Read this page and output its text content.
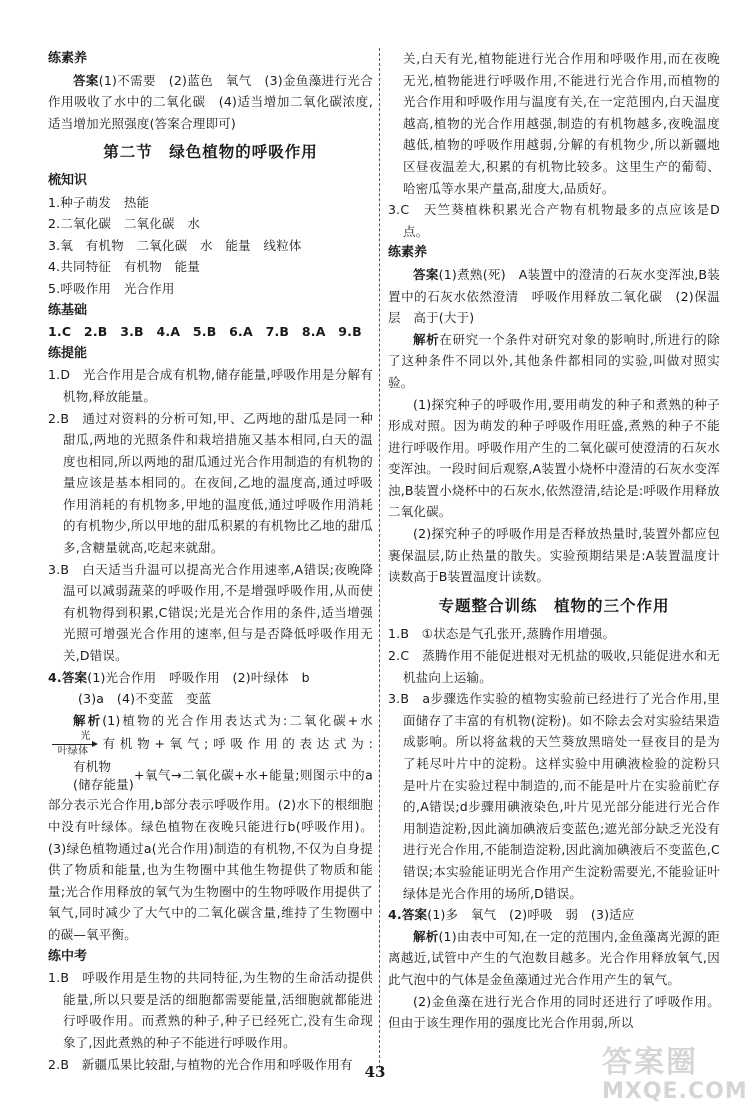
练素养

答案(1)不需要　(2)蓝色　氧气　(3)金鱼藻进行光合作用吸收了水中的二氧化碳　(4)适当增加二氧化碳浓度,适当增加光照强度(答案合理即可)

第二节　绿色植物的呼吸作用

梳知识

1.种子萌发　热能

2.二氧化碳　二氧化碳　水

3.氧　有机物　二氧化碳　水　能量　线粒体

4.共同特征　有机物　能量

5.呼吸作用　光合作用

练基础

1.C　2.B　3.B　4.A　5.B　6.A　7.B　8.A　9.B

练提能

1.D　光合作用是合成有机物,储存能量,呼吸作用是分解有机物,释放能量。

2.B　通过对资料的分析可知,甲、乙两地的甜瓜是同一种甜瓜,两地的光照条件和栽培措施又基本相同,白天的温度也相同,所以两地的甜瓜通过光合作用制造的有机物的量应该是基本相同的。在夜间,乙地的温度高,通过呼吸作用消耗的有机物多,甲地的温度低,通过呼吸作用消耗的有机物少,所以甲地的甜瓜积累的有机物比乙地的甜瓜多,含糖量就高,吃起来就甜。

3.B　白天适当升温可以提高光合作用速率,A错误;夜晚降温可以减弱蔬菜的呼吸作用,不是增强呼吸作用,从而使有机物得到积累,C错误;光是光合作用的条件,适当增强光照可增强光合作用的速率,但与是否降低呼吸作用无关,D错误。

4.答案(1)光合作用　呼吸作用　(2)叶绿体　b

(3)a　(4)不变蓝　变蓝

解析(1)植物的光合作用表达式为:二氧化碳+水$\frac{\text{光}}{\text{叶绿体}}$ 有机物+氧气;呼吸作用的表达式为:
有机物
(储存能量)
+氧气→二氧化碳+水+能量;则图示中的a部分表示光合作用,b部分表示呼吸作用。(2)水下的根细胞中没有叶绿体。绿色植物在夜晚只能进行b(呼吸作用)。(3)绿色植物通过a(光合作用)制造的有机物,不仅为自身提供了物质和能量,也为生物圈中其他生物提供了物质和能量;光合作用释放的氧气为生物圈中的生物呼吸作用提供了氧气,同时减少了大气中的二氧化碳含量,维持了生物圈中的碳—氧平衡。

练中考

1.B　呼吸作用是生物的共同特征,为生物的生命活动提供能量,所以只要是活的细胞都需要能量,活细胞就都能进行呼吸作用。而煮熟的种子,种子已经死亡,没有生命现象了,因此煮熟的种子不能进行呼吸作用。

2.B　新疆瓜果比较甜,与植物的光合作用和呼吸作用有

关,白天有光,植物能进行光合作用和呼吸作用,而在夜晚无光,植物能进行呼吸作用,不能进行光合作用,而植物的光合作用和呼吸作用与温度有关,在一定范围内,白天温度越高,植物的光合作用越强,制造的有机物越多,夜晚温度越低,植物的呼吸作用越弱,分解的有机物少,所以新疆地区昼夜温差大,积累的有机物比较多。这里生产的葡萄、哈密瓜等水果产量高,甜度大,品质好。

3.C　天竺葵植株积累光合产物有机物最多的点应该是D点。

练素养

答案(1)煮熟(死)　A装置中的澄清的石灰水变浑浊,B装置中的石灰水依然澄清　呼吸作用释放二氧化碳　(2)保温层　高于(大于)

解析在研究一个条件对研究对象的影响时,所进行的除了这种条件不同以外,其他条件都相同的实验,叫做对照实验。

(1)探究种子的呼吸作用,要用萌发的种子和煮熟的种子形成对照。因为萌发的种子呼吸作用旺盛,煮熟的种子不能进行呼吸作用。呼吸作用产生的二氧化碳可使澄清的石灰水变浑浊。一段时间后观察,A装置小烧杯中澄清的石灰水变浑浊,B装置小烧杯中的石灰水,依然澄清,结论是:呼吸作用释放二氧化碳。

(2)探究种子的呼吸作用是否释放热量时,装置外都应包裹保温层,防止热量的散失。实验预期结果是:A装置温度计读数高于B装置温度计读数。

专题整合训练　植物的三个作用

1.B　①状态是气孔张开,蒸腾作用增强。

2.C　蒸腾作用不能促进根对无机盐的吸收,只能促进水和无机盐向上运输。

3.B　a步骤选作实验的植物实验前已经进行了光合作用,里面储存了丰富的有机物(淀粉)。如不除去会对实验结果造成影响。所以将盆栽的天竺葵放黑暗处一昼夜目的是为了耗尽叶片中的淀粉。这样实验中用碘液检验的淀粉只是叶片在实验过程中制造的,而不能是叶片在实验前贮存的,A错误;d步骤用碘液染色,叶片见光部分能进行光合作用制造淀粉,因此滴加碘液后变蓝色;遮光部分缺乏光没有进行光合作用,不能制造淀粉,因此滴加碘液后不变蓝色,C错误;本实验能证明光合作用产生淀粉需要光,不能验证叶绿体是光合作用的场所,D错误。

4.答案(1)多　氧气　(2)呼吸　弱　(3)适应

解析(1)由表中可知,在一定的范围内,金鱼藻离光源的距离越近,试管中产生的气泡数目越多。光合作用释放氧气,因此气泡中的气体是金鱼藻通过光合作用产生的氧气。

(2)金鱼藻在进行光合作用的同时还进行了呼吸作用。但由于该生理作用的强度比光合作用弱,所以

43	答案圈
MXQE.COM
